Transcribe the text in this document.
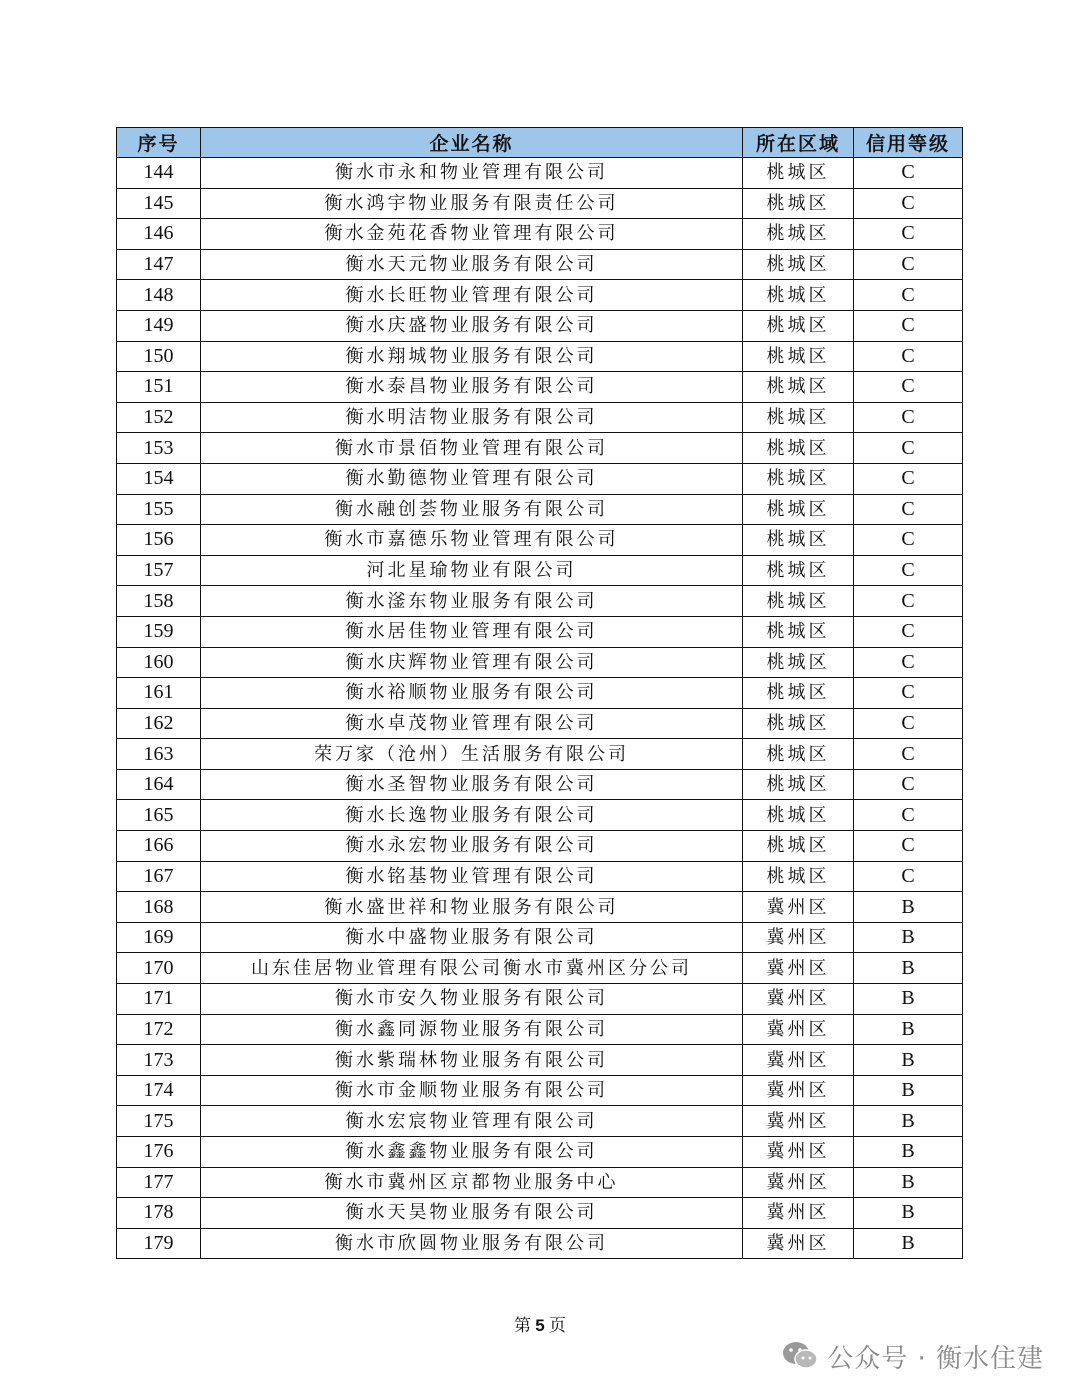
序号	企业名称	所在区域	信用等级
144	衡水市永和物业管理有限公司	桃城区	C
145	衡水鸿宇物业服务有限责任公司	桃城区	C
146	衡水金苑花香物业管理有限公司	桃城区	C
147	衡水天元物业服务有限公司	桃城区	C
148	衡水长旺物业管理有限公司	桃城区	C
149	衡水庆盛物业服务有限公司	桃城区	C
150	衡水翔城物业服务有限公司	桃城区	C
151	衡水泰昌物业服务有限公司	桃城区	C
152	衡水明洁物业服务有限公司	桃城区	C
153	衡水市景佰物业管理有限公司	桃城区	C
154	衡水勤德物业管理有限公司	桃城区	C
155	衡水融创荟物业服务有限公司	桃城区	C
156	衡水市嘉德乐物业管理有限公司	桃城区	C
157	河北星瑜物业有限公司	桃城区	C
158	衡水滏东物业服务有限公司	桃城区	C
159	衡水居佳物业管理有限公司	桃城区	C
160	衡水庆辉物业管理有限公司	桃城区	C
161	衡水裕顺物业服务有限公司	桃城区	C
162	衡水卓茂物业管理有限公司	桃城区	C
163	荣万家（沧州）生活服务有限公司	桃城区	C
164	衡水圣智物业服务有限公司	桃城区	C
165	衡水长逸物业服务有限公司	桃城区	C
166	衡水永宏物业服务有限公司	桃城区	C
167	衡水铭基物业管理有限公司	桃城区	C
168	衡水盛世祥和物业服务有限公司	冀州区	B
169	衡水中盛物业服务有限公司	冀州区	B
170	山东佳居物业管理有限公司衡水市冀州区分公司	冀州区	B
171	衡水市安久物业服务有限公司	冀州区	B
172	衡水鑫同源物业服务有限公司	冀州区	B
173	衡水紫瑞林物业服务有限公司	冀州区	B
174	衡水市金顺物业服务有限公司	冀州区	B
175	衡水宏宸物业管理有限公司	冀州区	B
176	衡水鑫鑫物业服务有限公司	冀州区	B
177	衡水市冀州区京都物业服务中心	冀州区	B
178	衡水天昊物业服务有限公司	冀州区	B
179	衡水市欣圆物业服务有限公司	冀州区	B
第 5 页
公众号 · 衡水住建
